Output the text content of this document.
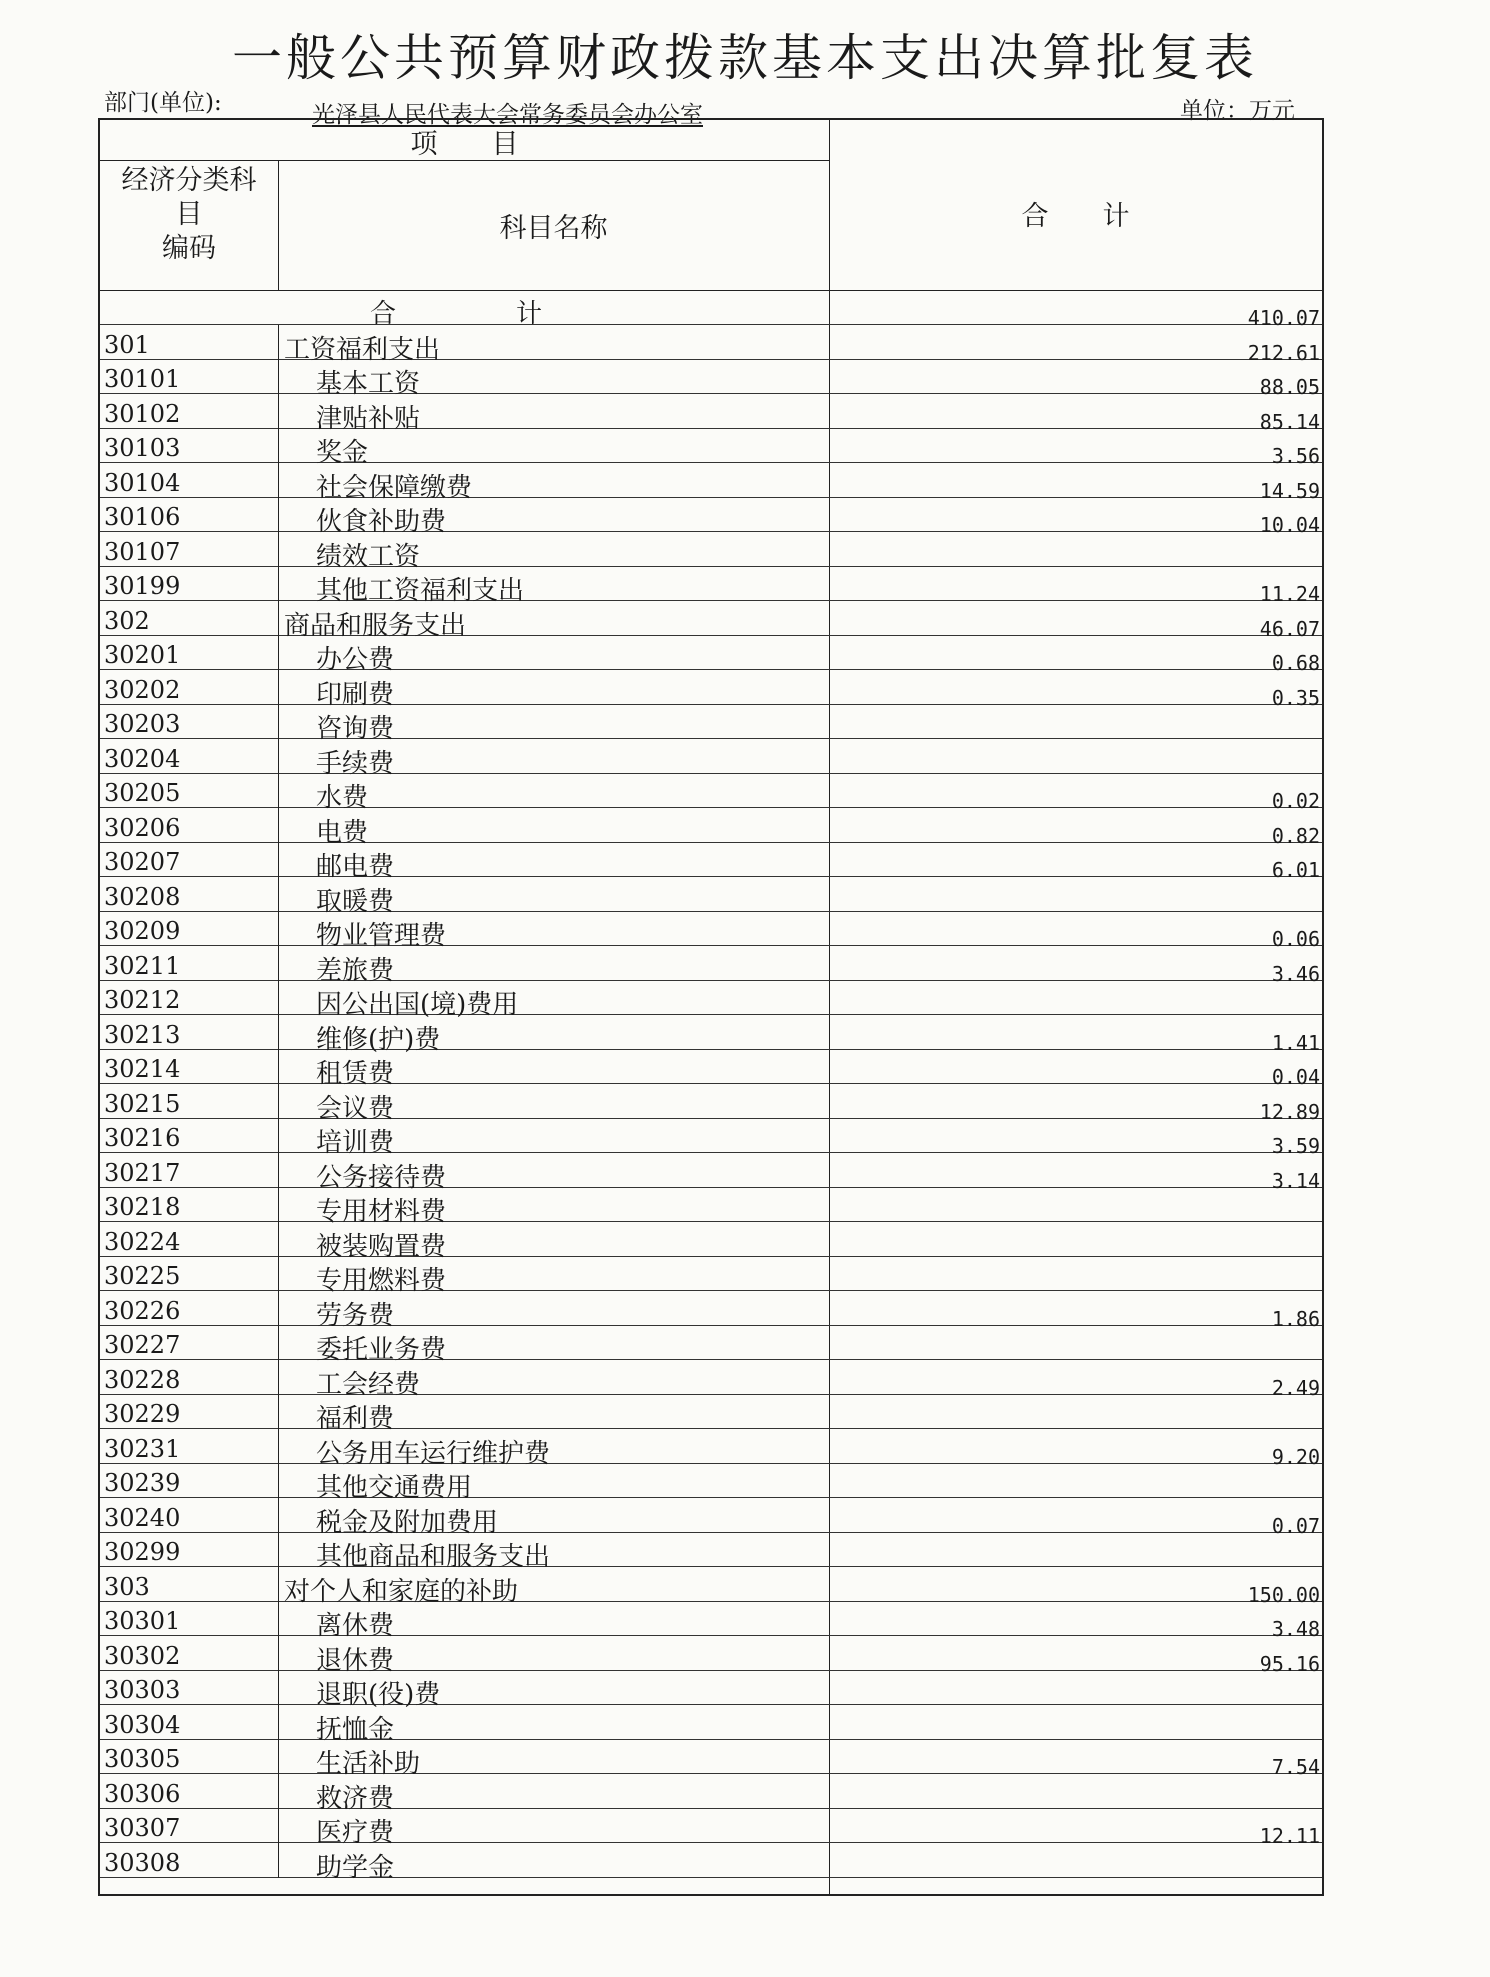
一般公共预算财政拨款基本支出决算批复表
部门(单位):	光泽县人民代表大会常务委员会办公室	单位：万元
项　　目
经济分类科
目
编码
科目名称	合　　计
合计	410.07
301	工资福利支出	212.61
30101	基本工资	88.05
30102	津贴补贴	85.14
30103	奖金	3.56
30104	社会保障缴费	14.59
30106	伙食补助费	10.04
30107	绩效工资
30199	其他工资福利支出	11.24
302	商品和服务支出	46.07
30201	办公费	0.68
30202	印刷费	0.35
30203	咨询费
30204	手续费
30205	水费	0.02
30206	电费	0.82
30207	邮电费	6.01
30208	取暖费
30209	物业管理费	0.06
30211	差旅费	3.46
30212	因公出国(境)费用
30213	维修(护)费	1.41
30214	租赁费	0.04
30215	会议费	12.89
30216	培训费	3.59
30217	公务接待费	3.14
30218	专用材料费
30224	被装购置费
30225	专用燃料费
30226	劳务费	1.86
30227	委托业务费
30228	工会经费	2.49
30229	福利费
30231	公务用车运行维护费	9.20
30239	其他交通费用
30240	税金及附加费用	0.07
30299	其他商品和服务支出
303	对个人和家庭的补助	150.00
30301	离休费	3.48
30302	退休费	95.16
30303	退职(役)费
30304	抚恤金
30305	生活补助	7.54
30306	救济费
30307	医疗费	12.11
30308	助学金
